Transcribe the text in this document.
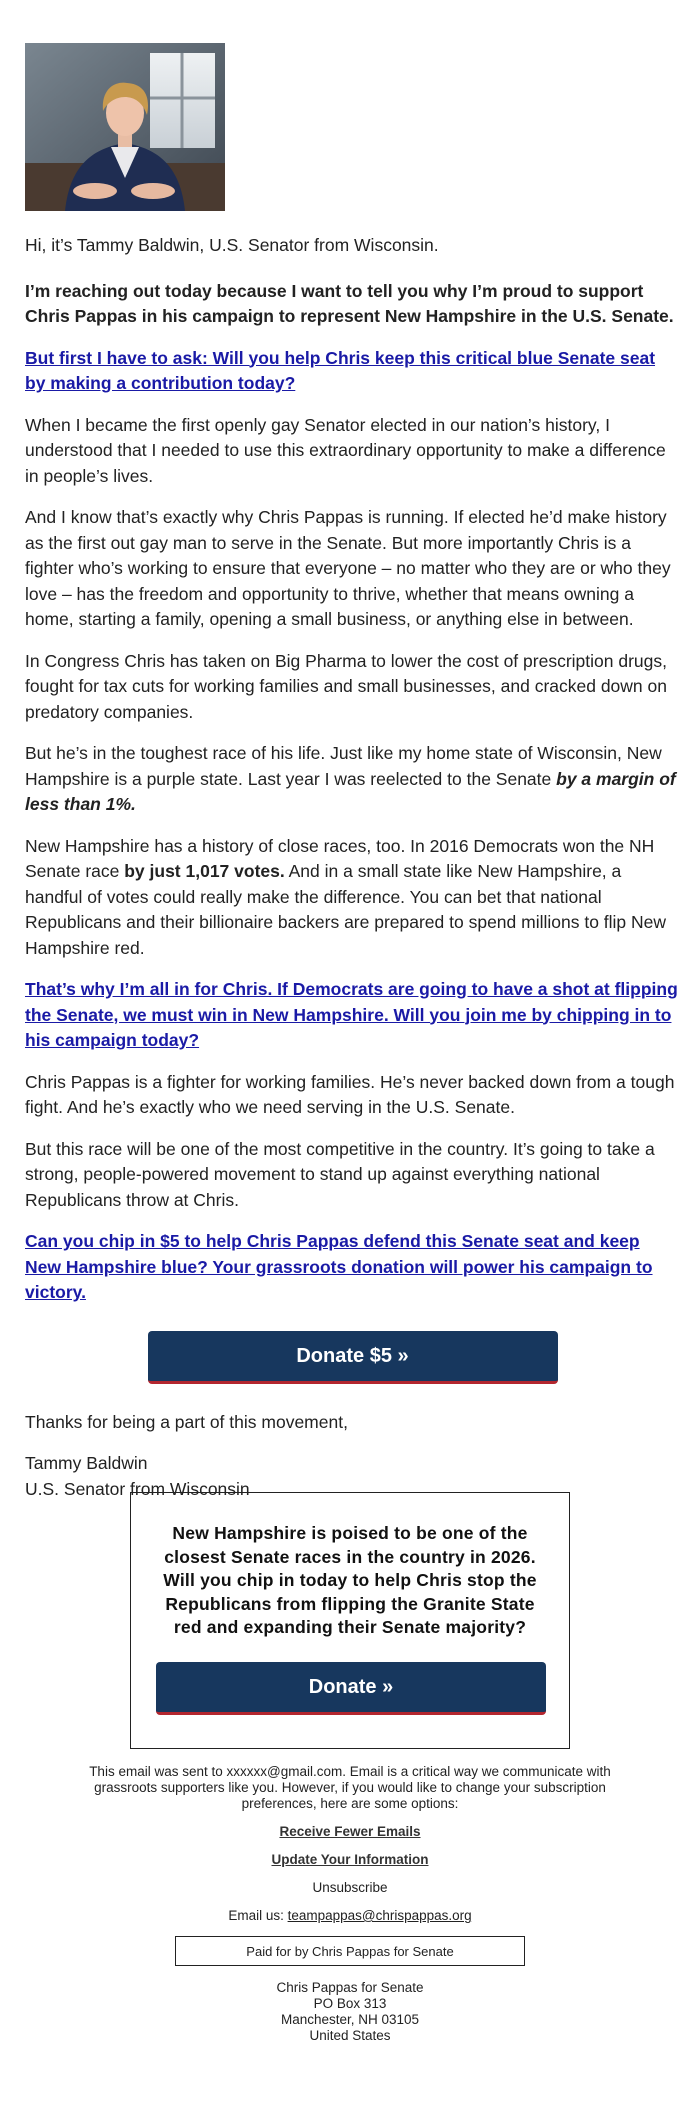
Hi, it’s Tammy Baldwin, U.S. Senator from Wisconsin.

I’m reaching out today because I want to tell you why I’m proud to support Chris Pappas in his campaign to represent New Hampshire in the U.S. Senate.

But first I have to ask: Will you help Chris keep this critical blue Senate seat by making a contribution today?

When I became the first openly gay Senator elected in our nation’s history, I understood that I needed to use this extraordinary opportunity to make a difference in people’s lives.

And I know that’s exactly why Chris Pappas is running. If elected he’d make history as the first out gay man to serve in the Senate. But more importantly Chris is a fighter who’s working to ensure that everyone – no matter who they are or who they love – has the freedom and opportunity to thrive, whether that means owning a home, starting a family, opening a small business, or anything else in between.

In Congress Chris has taken on Big Pharma to lower the cost of prescription drugs, fought for tax cuts for working families and small businesses, and cracked down on predatory companies.

But he’s in the toughest race of his life. Just like my home state of Wisconsin, New Hampshire is a purple state. Last year I was reelected to the Senate by a margin of less than 1%.

New Hampshire has a history of close races, too. In 2016 Democrats won the NH Senate race by just 1,017 votes. And in a small state like New Hampshire, a handful of votes could really make the difference. You can bet that national Republicans and their billionaire backers are prepared to spend millions to flip New Hampshire red.

That’s why I’m all in for Chris. If Democrats are going to have a shot at flipping the Senate, we must win in New Hampshire. Will you join me by chipping in to his campaign today?

Chris Pappas is a fighter for working families. He’s never backed down from a tough fight. And he’s exactly who we need serving in the U.S. Senate.

But this race will be one of the most competitive in the country. It’s going to take a strong, people-powered movement to stand up against everything national Republicans throw at Chris.

Can you chip in $5 to help Chris Pappas defend this Senate seat and keep New Hampshire blue? Your grassroots donation will power his campaign to victory.

Donate $5 »

Thanks for being a part of this movement,

Tammy Baldwin

U.S. Senator from Wisconsin

New Hampshire is poised to be one of the closest Senate races in the country in 2026. Will you chip in today to help Chris stop the Republicans from flipping the Granite State red and expanding their Senate majority?
Donate »
This email was sent to xxxxxx@gmail.com. Email is a critical way we communicate with grassroots supporters like you. However, if you would like to change your subscription preferences, here are some options:
Receive Fewer Emails
Update Your Information
Unsubscribe
Email us: teampappas@chrispappas.org
Paid for by Chris Pappas for Senate
Chris Pappas for Senate
PO Box 313
Manchester, NH 03105
United States
